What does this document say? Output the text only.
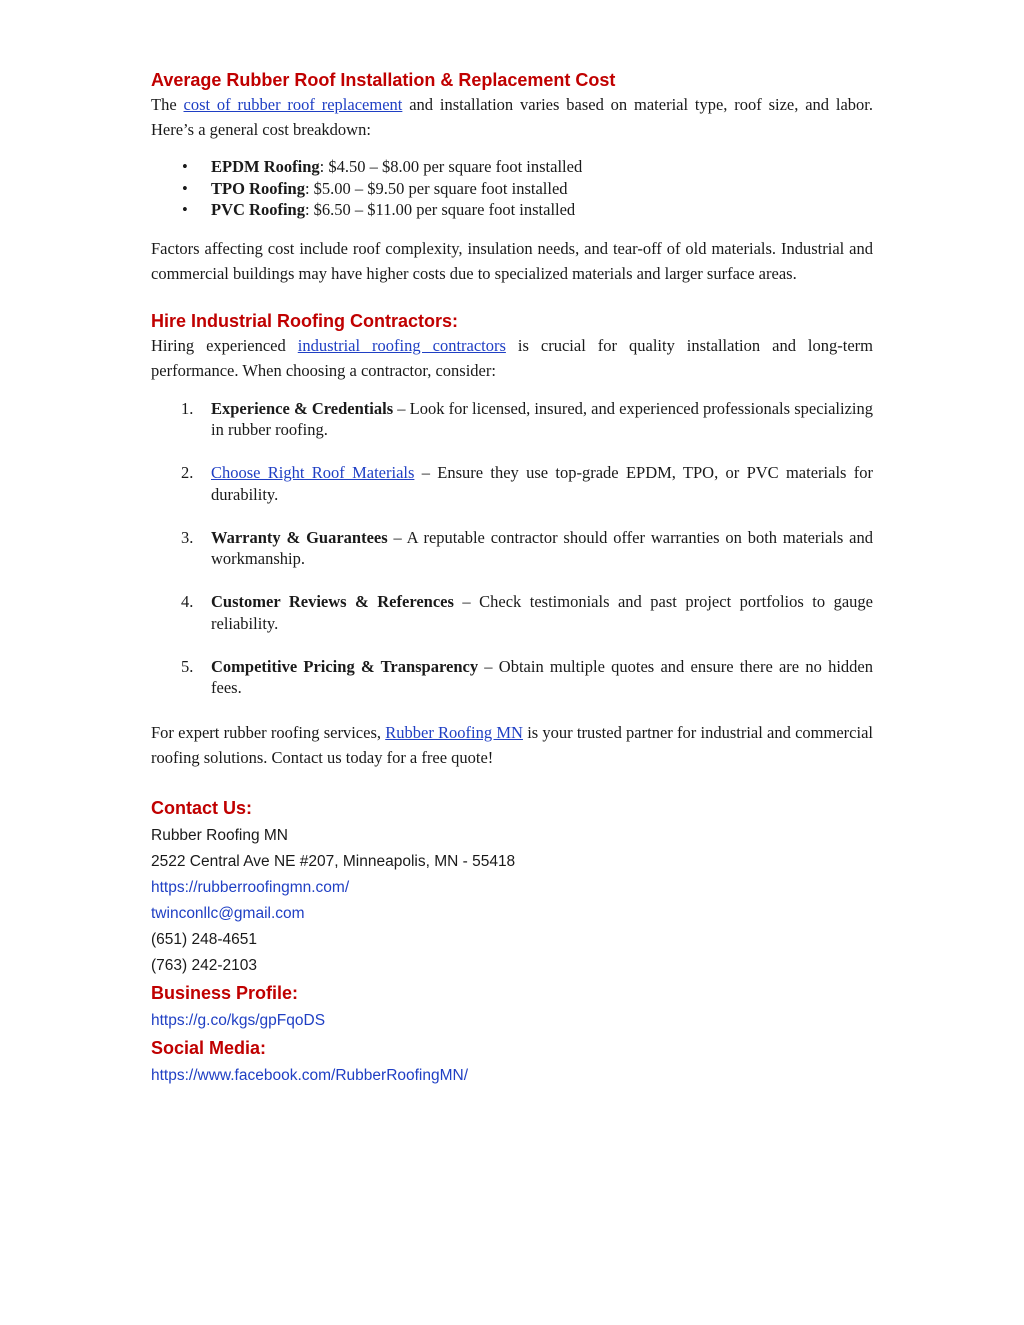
Average Rubber Roof Installation & Replacement Cost

The cost of rubber roof replacement and installation varies based on material type, roof size, and labor. Here’s a general cost breakdown:

• EPDM Roofing: $4.50 – $8.00 per square foot installed
• TPO Roofing: $5.00 – $9.50 per square foot installed
• PVC Roofing: $6.50 – $11.00 per square foot installed

Factors affecting cost include roof complexity, insulation needs, and tear-off of old materials. Industrial and commercial buildings may have higher costs due to specialized materials and larger surface areas.

Hire Industrial Roofing Contractors:

Hiring experienced industrial roofing contractors is crucial for quality installation and long-term performance. When choosing a contractor, consider:

1. Experience & Credentials – Look for licensed, insured, and experienced professionals specializing in rubber roofing.
2. Choose Right Roof Materials – Ensure they use top-grade EPDM, TPO, or PVC materials for durability.
3. Warranty & Guarantees – A reputable contractor should offer warranties on both materials and workmanship.
4. Customer Reviews & References – Check testimonials and past project portfolios to gauge reliability.
5. Competitive Pricing & Transparency – Obtain multiple quotes and ensure there are no hidden fees.

For expert rubber roofing services, Rubber Roofing MN is your trusted partner for industrial and commercial roofing solutions. Contact us today for a free quote!

Contact Us:

Rubber Roofing MN

2522 Central Ave NE #207, Minneapolis, MN - 55418

https://rubberroofingmn.com/

twinconllc@gmail.com

(651) 248-4651

(763) 242-2103

Business Profile:

https://g.co/kgs/gpFqoDS

Social Media:

https://www.facebook.com/RubberRoofingMN/
